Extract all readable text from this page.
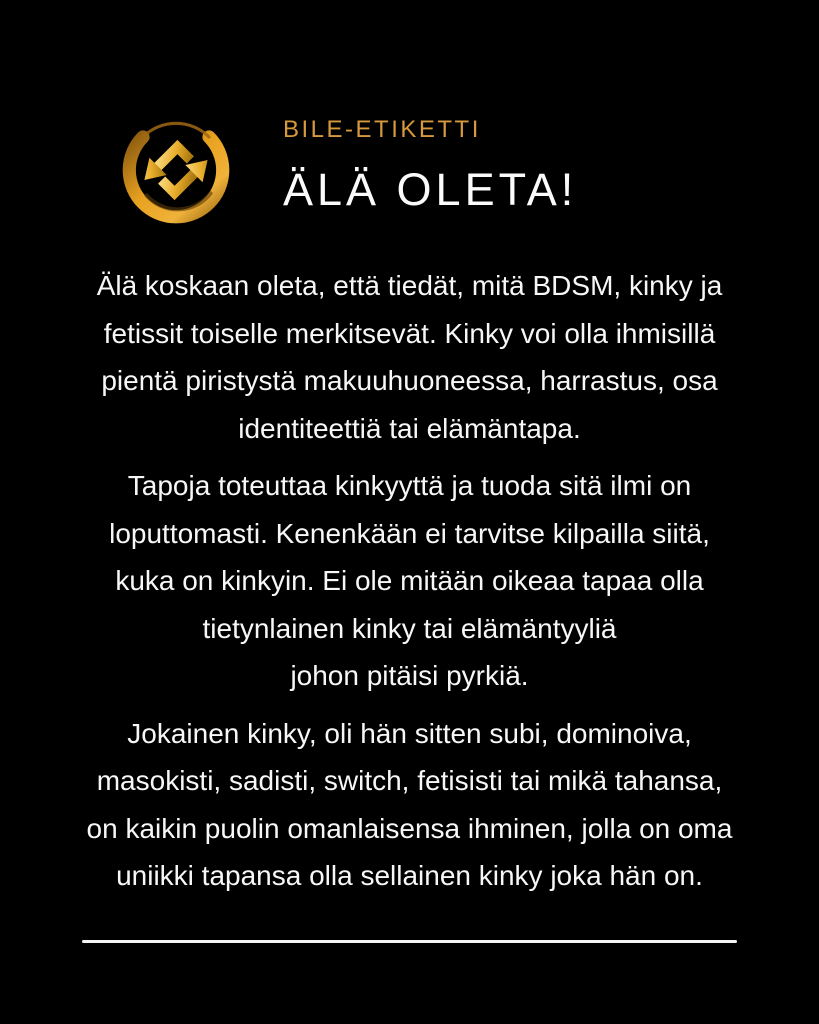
BILE-ETIKETTI
ÄLÄ OLETA!

Älä koskaan oleta, että tiedät, mitä BDSM, kinky ja
fetissit toiselle merkitsevät. Kinky voi olla ihmisillä
pientä piristystä makuuhuoneessa, harrastus, osa
identiteettiä tai elämäntapa.

Tapoja toteuttaa kinkyyttä ja tuoda sitä ilmi on
loputtomasti. Kenenkään ei tarvitse kilpailla siitä,
kuka on kinkyin. Ei ole mitään oikeaa tapaa olla
tietynlainen kinky tai elämäntyyliä
johon pitäisi pyrkiä.

Jokainen kinky, oli hän sitten subi, dominoiva,
masokisti, sadisti, switch, fetisisti tai mikä tahansa,
on kaikin puolin omanlaisensa ihminen, jolla on oma
uniikki tapansa olla sellainen kinky joka hän on.
